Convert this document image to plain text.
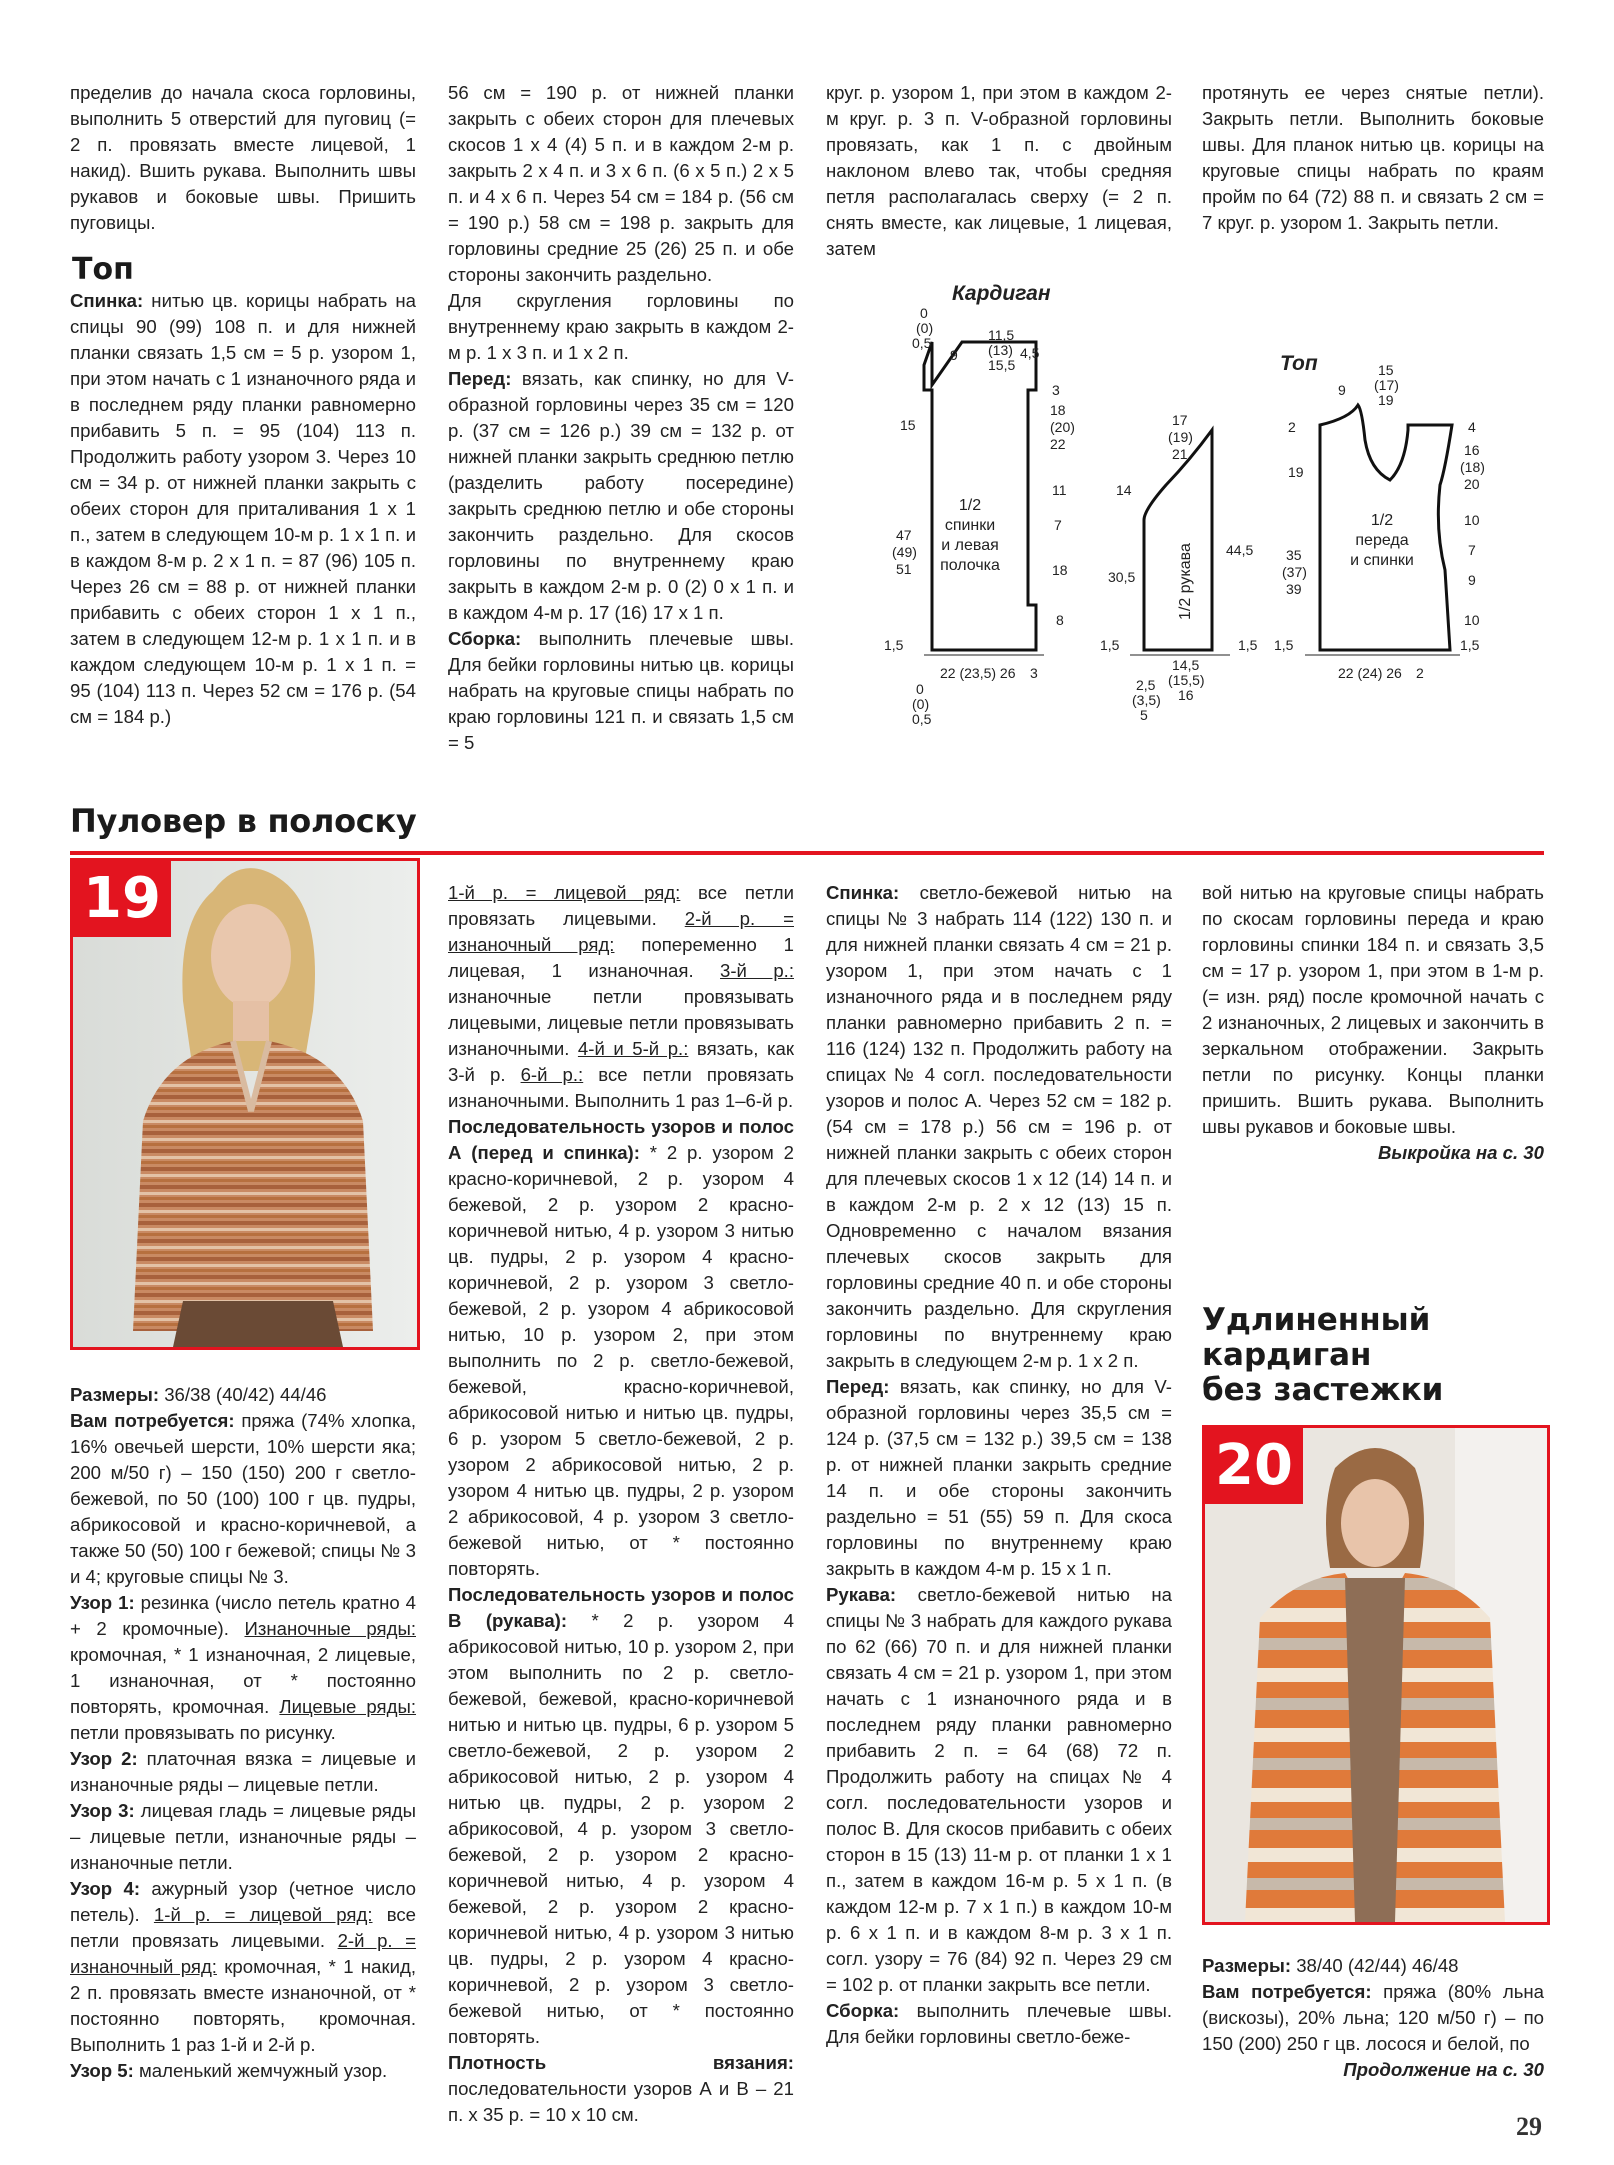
пределив до начала скоса горловины, выполнить 5 отверстий для пуговиц (= 2 п. провязать вместе лицевой, 1 накид). Вшить рукава. Выполнить швы рукавов и боковые швы. Пришить пуговицы.

Топ

Спинка: нитью цв. корицы набрать на спицы 90 (99) 108 п. и для нижней планки связать 1,5 см = 5 р. узором 1, при этом начать с 1 изнаночного ряда и в последнем ряду планки равномерно прибавить 5 п. = 95 (104) 113 п. Продолжить работу узором 3. Через 10 см = 34 р. от нижней планки закрыть с обеих сторон для приталивания 1 х 1 п., затем в следующем 10-м р. 1 х 1 п. и в каждом 8-м р. 2 х 1 п. = 87 (96) 105 п. Через 26 см = 88 р. от нижней планки прибавить с обеих сторон 1 х 1 п., затем в следующем 12-м р. 1 х 1 п. и в каждом следующем 10-м р. 1 х 1 п. = 95 (104) 113 п. Через 52 см = 176 р. (54 см = 184 р.)

56 см = 190 р. от нижней планки закрыть с обеих сторон для плечевых скосов 1 х 4 (4) 5 п. и в каждом 2-м р. закрыть 2 х 4 п. и 3 х 6 п. (6 х 5 п.) 2 х 5 п. и 4 х 6 п. Через 54 см = 184 р. (56 см = 190 р.) 58 см = 198 р. закрыть для горловины средние 25 (26) 25 п. и обе стороны закончить раздельно.

Для скругления горловины по внутреннему краю закрыть в каждом 2-м р. 1 х 3 п. и 1 х 2 п.

Перед: вязать, как спинку, но для V-образной горловины через 35 см = 120 р. (37 см = 126 р.) 39 см = 132 р. от нижней планки закрыть среднюю петлю (разделить работу посередине) закрыть среднюю петлю и обе стороны закончить раздельно. Для скосов горловины по внутреннему краю закрыть в каждом 2-м р. 0 (2) 0 х 1 п. и в каждом 4-м р. 17 (16) 17 х 1 п.

Сборка: выполнить плечевые швы. Для бейки горловины нитью цв. корицы набрать на круговые спицы набрать по краю горловины 121 п. и связать 1,5 см = 5

круг. р. узором 1, при этом в каждом 2-м круг. р. 3 п. V-образной горловины провязать, как 1 п. с двойным наклоном влево так, чтобы средняя петля располагалась сверху (= 2 п. снять вместе, как лицевые, 1 лицевая, затем

протянуть ее через снятые петли). Закрыть петли. Выполнить боковые швы. Для планок нитью цв. корицы на круговые спицы набрать по краям пройм по 64 (72) 88 п. и связать 2 см = 7 круг. р. узором 1. Закрыть петли.

Кардиган
1/2
спинки
и левая
полочка
0
(0)
0,5
9
11,5
(13)
15,5
4,5
3
15
18
(20)
22
11
7
18
8
47
(49)
51
1,5
22 (23,5) 26 3
0
(0)
0,5
1/2 рукава
17
(19)
21
14
30,5
44,5
1,5	1,5
14,5
(15,5)
16
2,5
(3,5)
5
Топ
1/2
переда
и спинки
9
15
(17)
19
2
19
35
(37)
39
4
16
(18)
20
10
7
9
10
1,5	1,5
22 (24) 26 2
Пуловер в полоску
19

Размеры: 36/38 (40/42) 44/46

Вам потребуется: пряжа (74% хлопка, 16% овечьей шерсти, 10% шерсти яка; 200 м/50 г) – 150 (150) 200 г светло-бежевой, по 50 (100) 100 г цв. пудры, абрикосовой и красно-коричневой, а также 50 (50) 100 г бежевой; спицы № 3 и 4; круговые спицы № 3.

Узор 1: резинка (число петель кратно 4 + 2 кромочные). Изнаночные ряды: кромочная, * 1 изнаночная, 2 лицевые, 1 изнаночная, от * постоянно повторять, кромочная. Лицевые ряды: петли провязывать по рисунку.

Узор 2: платочная вязка = лицевые и изнаночные ряды – лицевые петли.

Узор 3: лицевая гладь = лицевые ряды – лицевые петли, изнаночные ряды – изнаночные петли.

Узор 4: ажурный узор (четное число петель). 1-й р. = лицевой ряд: все петли провязать лицевыми. 2-й р. = изнаночный ряд: кромочная, * 1 накид, 2 п. провязать вместе изнаночной, от * постоянно повторять, кромочная. Выполнить 1 раз 1-й и 2-й р.

Узор 5: маленький жемчужный узор.

1-й р. = лицевой ряд: все петли провязать лицевыми. 2-й р. = изнаночный ряд: попеременно 1 лицевая, 1 изнаночная. 3-й р.: изнаночные петли провязывать лицевыми, лицевые петли провязывать изнаночными. 4-й и 5-й р.: вязать, как 3-й р. 6-й р.: все петли провязать изнаночными. Выполнить 1 раз 1–6-й р.

Последовательность узоров и полос А (перед и спинка): * 2 р. узором 2 красно-коричневой, 2 р. узором 4 бежевой, 2 р. узором 2 красно-коричневой нитью, 4 р. узором 3 нитью цв. пудры, 2 р. узором 4 красно-коричневой, 2 р. узором 3 светло-бежевой, 2 р. узором 4 абрикосовой нитью, 10 р. узором 2, при этом выполнить по 2 р. светло-бежевой, бежевой, красно-коричневой, абрикосовой нитью и нитью цв. пудры, 6 р. узором 5 светло-бежевой, 2 р. узором 2 абрикосовой нитью, 2 р. узором 4 нитью цв. пудры, 2 р. узором 2 абрикосовой, 4 р. узором 3 светло-бежевой нитью, от * постоянно повторять.

Последовательность узоров и полос В (рукава): * 2 р. узором 4 абрикосовой нитью, 10 р. узором 2, при этом выполнить по 2 р. светло-бежевой, бежевой, красно-коричневой нитью и нитью цв. пудры, 6 р. узором 5 светло-бежевой, 2 р. узором 2 абрикосовой нитью, 2 р. узором 4 нитью цв. пудры, 2 р. узором 2 абрикосовой, 4 р. узором 3 светло-бежевой, 2 р. узором 2 красно-коричневой нитью, 4 р. узором 4 бежевой, 2 р. узором 2 красно-коричневой нитью, 4 р. узором 3 нитью цв. пудры, 2 р. узором 4 красно-коричневой, 2 р. узором 3 светло-бежевой нитью, от * постоянно повторять.

Плотность вязания: последовательности узоров А и В – 21 п. х 35 р. = 10 х 10 см.

Спинка: светло-бежевой нитью на спицы № 3 набрать 114 (122) 130 п. и для нижней планки связать 4 см = 21 р. узором 1, при этом начать с 1 изнаночного ряда и в последнем ряду планки равномерно прибавить 2 п. = 116 (124) 132 п. Продолжить работу на спицах № 4 согл. последовательности узоров и полос А. Через 52 см = 182 р. (54 см = 178 р.) 56 см = 196 р. от нижней планки закрыть с обеих сторон для плечевых скосов 1 х 12 (14) 14 п. и в каждом 2-м р. 2 х 12 (13) 15 п. Одновременно с началом вязания плечевых скосов закрыть для горловины средние 40 п. и обе стороны закончить раздельно. Для скругления горловины по внутреннему краю закрыть в следующем 2-м р. 1 х 2 п.

Перед: вязать, как спинку, но для V-образной горловины через 35,5 см = 124 р. (37,5 см = 132 р.) 39,5 см = 138 р. от нижней планки закрыть средние 14 п. и обе стороны закончить раздельно = 51 (55) 59 п. Для скоса горловины по внутреннему краю закрыть в каждом 4-м р. 15 х 1 п.

Рукава: светло-бежевой нитью на спицы № 3 набрать для каждого рукава по 62 (66) 70 п. и для нижней планки связать 4 см = 21 р. узором 1, при этом начать с 1 изнаночного ряда и в последнем ряду планки равномерно прибавить 2 п. = 64 (68) 72 п. Продолжить работу на спицах № 4 согл. последовательности узоров и полос В. Для скосов прибавить с обеих сторон в 15 (13) 11-м р. от планки 1 х 1 п., затем в каждом 16-м р. 5 х 1 п. (в каждом 12-м р. 7 х 1 п.) в каждом 10-м р. 6 х 1 п. и в каждом 8-м р. 3 х 1 п. согл. узору = 76 (84) 92 п. Через 29 см = 102 р. от планки закрыть все петли.

Сборка: выполнить плечевые швы. Для бейки горловины светло-беже-

вой нитью на круговые спицы набрать по скосам горловины переда и краю горловины спинки 184 п. и связать 3,5 см = 17 р. узором 1, при этом в 1-м р. (= изн. ряд) после кромочной начать с 2 изнаночных, 2 лицевых и закончить в зеркальном отображении. Закрыть петли по рисунку. Концы планки пришить. Вшить рукава. Выполнить швы рукавов и боковые швы.

Выкройка на с. 30
Удлиненный
кардиган
без застежки
20

Размеры: 38/40 (42/44) 46/48

Вам потребуется: пряжа (80% льна (вискозы), 20% льна; 120 м/50 г) – по 150 (200) 250 г цв. лосося и белой, по

Продолжение на с. 30
29
